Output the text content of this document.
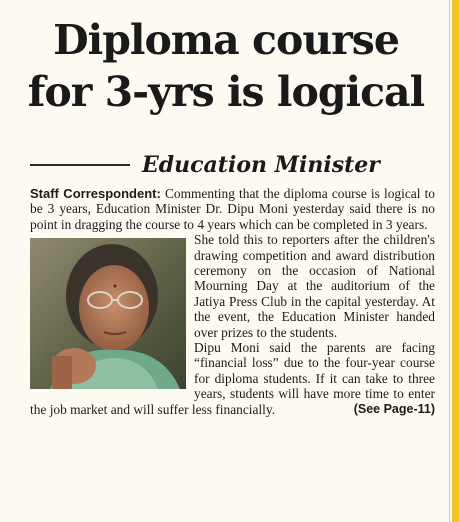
Diploma course
for 3-yrs is logical
Education Minister

Staff Correspondent: Commenting that the diploma course is logical to be 3 years, Education Minister Dr. Dipu Moni yesterday said there is no point in dragging the course to 4 years which can be completed in 3 years.

She told this to reporters after the children's drawing competition and award distribution ceremony on the occasion of National Mourning Day at the auditorium of the Jatiya Press Club in the capital yesterday. At the event, the Education Minister handed over prizes to the students.

Dipu Moni said the parents are facing “financial loss” due to the four-year course for diploma students. If it can take to three years, students will have more time to enter the job market and will suffer less financially.	(See Page-11)
